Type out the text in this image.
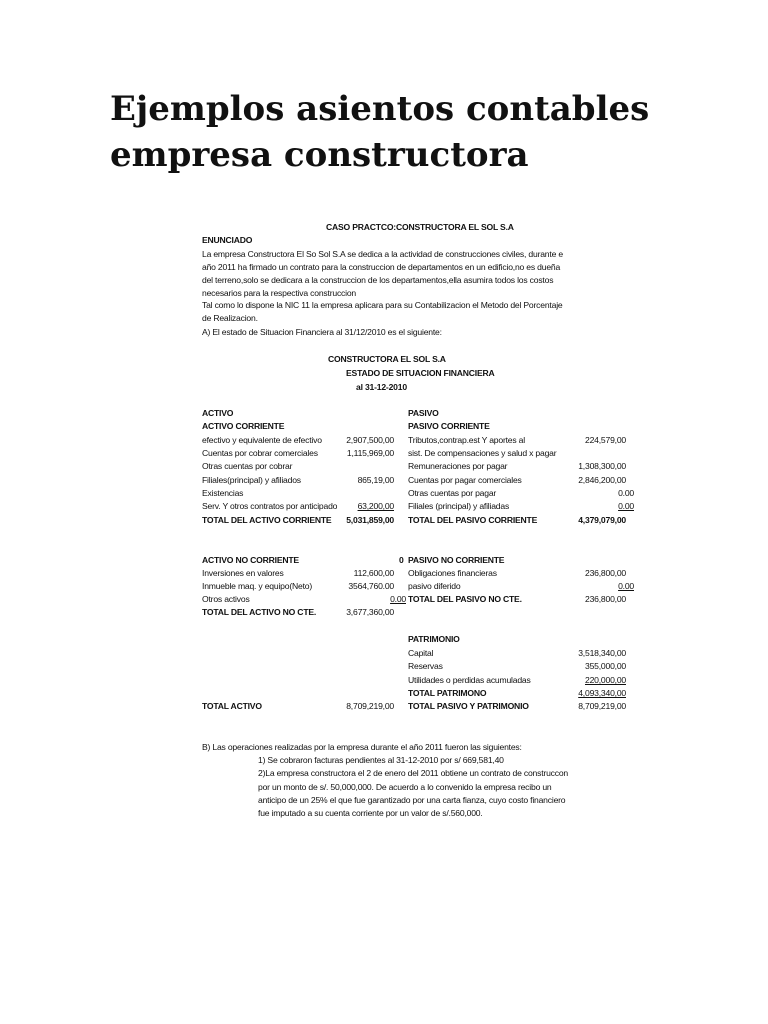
Ejemplos asientos contables
empresa constructora
CASO PRACTCO:CONSTRUCTORA EL SOL S.A
ENUNCIADO
La empresa Constructora El So Sol S.A se dedica a la actividad de construcciones civiles, durante e
año 2011 ha firmado un contrato para la construccion de departamentos en un edificio,no es dueña
del terreno,solo se dedicara a la construccion de los departamentos,ella asumira todos los costos
necesarios para la respectiva construccion
Tal como lo dispone la NIC 11 la empresa aplicara para su Contabilizacion el Metodo del Porcentaje
de Realizacion.
A) El estado de Situacion Financiera al 31/12/2010 es el siguiente:
CONSTRUCTORA EL SOL S.A
ESTADO DE SITUACION FINANCIERA
al 31-12-2010
ACTIVO
ACTIVO CORRIENTE
efectivo y equivalente de efectivo	2,907,500,00
Cuentas por cobrar comerciales	1,115,969,00
Otras cuentas por cobrar
Filiales(principal) y afiliados	865,19,00
Existencias
Serv. Y otros contratos por anticipado	63,200,00
TOTAL DEL ACTIVO CORRIENTE	5,031,859,00
ACTIVO NO CORRIENTE	0
Inversiones en valores	112,600,00
Inmueble maq. y equipo(Neto)	3564,760.00
Otros activos	0.00
TOTAL DEL ACTIVO NO CTE.	3,677,360,00
TOTAL ACTIVO	8,709,219,00
PASIVO
PASIVO CORRIENTE
Tributos,contrap.est Y aportes al	224,579,00
sist. De compensaciones y salud x pagar
Remuneraciones por pagar	1,308,300,00
Cuentas por pagar comerciales	2,846,200,00
Otras cuentas por pagar	0.00
Filiales (principal) y afiliadas	0.00
TOTAL DEL PASIVO CORRIENTE	4,379,079,00
PASIVO NO CORRIENTE
Obligaciones financieras	236,800,00
pasivo diferido	0.00
TOTAL DEL PASIVO NO CTE.	236,800,00
PATRIMONIO
Capital	3,518,340,00
Reservas	355,000,00
Utilidades o perdidas acumuladas	220,000,00
TOTAL PATRIMONO	4,093,340,00
TOTAL PASIVO Y PATRIMONIO	8,709,219,00
B) Las operaciones realizadas por la empresa durante el año 2011 fueron las siguientes:
1) Se cobraron facturas pendientes al 31-12-2010 por s/ 669,581,40
2)La empresa constructora el 2 de enero del 2011 obtiene un contrato de construccon
por un monto de s/. 50,000,000. De acuerdo a lo convenido la empresa recibo un
anticipo de un 25% el que fue garantizado por una carta fianza, cuyo costo financiero
fue imputado a su cuenta corriente por un valor de s/.560,000.
